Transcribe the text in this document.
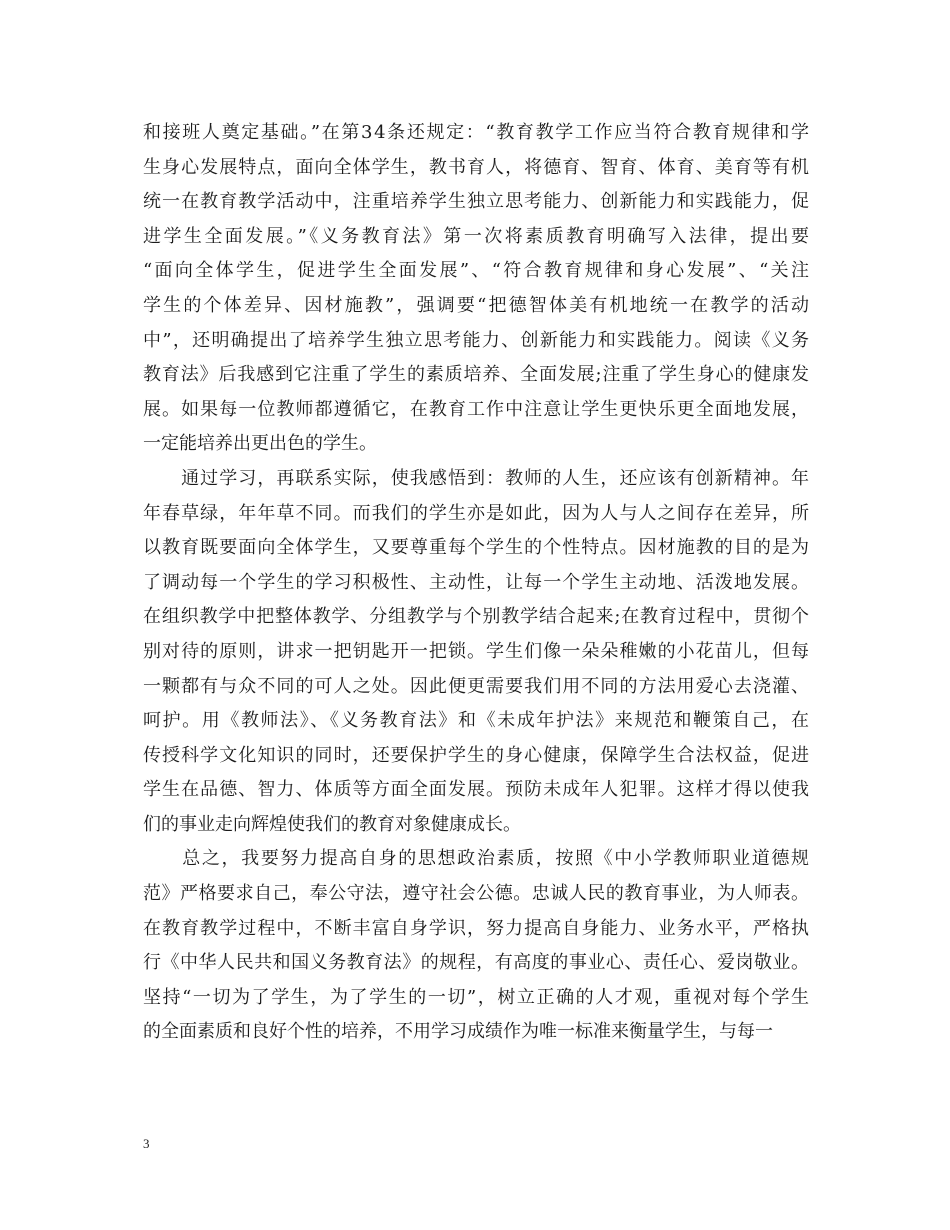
和接班人奠定基础。”在第34条还规定：“教育教学工作应当符合教育规律和学
生身心发展特点，面向全体学生，教书育人，将德育、智育、体育、美育等有机
统一在教育教学活动中，注重培养学生独立思考能力、创新能力和实践能力，促
进学生全面发展。”《义务教育法》第一次将素质教育明确写入法律，提出要
“面向全体学生，促进学生全面发展”、“符合教育规律和身心发展”、“关注
学生的个体差异、因材施教”，强调要“把德智体美有机地统一在教学的活动
中”，还明确提出了培养学生独立思考能力、创新能力和实践能力。阅读《义务
教育法》后我感到它注重了学生的素质培养、全面发展;注重了学生身心的健康发
展。如果每一位教师都遵循它，在教育工作中注意让学生更快乐更全面地发展，
一定能培养出更出色的学生。
　　通过学习，再联系实际，使我感悟到：教师的人生，还应该有创新精神。年
年春草绿，年年草不同。而我们的学生亦是如此，因为人与人之间存在差异，所
以教育既要面向全体学生，又要尊重每个学生的个性特点。因材施教的目的是为
了调动每一个学生的学习积极性、主动性，让每一个学生主动地、活泼地发展。
在组织教学中把整体教学、分组教学与个别教学结合起来;在教育过程中，贯彻个
别对待的原则，讲求一把钥匙开一把锁。学生们像一朵朵稚嫩的小花苗儿，但每
一颗都有与众不同的可人之处。因此便更需要我们用不同的方法用爱心去浇灌、
呵护。用《教师法》、《义务教育法》和《未成年护法》来规范和鞭策自己，在
传授科学文化知识的同时，还要保护学生的身心健康，保障学生合法权益，促进
学生在品德、智力、体质等方面全面发展。预防未成年人犯罪。这样才得以使我
们的事业走向辉煌使我们的教育对象健康成长。
　　总之，我要努力提高自身的思想政治素质，按照《中小学教师职业道德规
范》严格要求自己，奉公守法，遵守社会公德。忠诚人民的教育事业，为人师表。
在教育教学过程中，不断丰富自身学识，努力提高自身能力、业务水平，严格执
行《中华人民共和国义务教育法》的规程，有高度的事业心、责任心、爱岗敬业。
坚持“一切为了学生，为了学生的一切”，树立正确的人才观，重视对每个学生
的全面素质和良好个性的培养，不用学习成绩作为唯一标准来衡量学生，与每一
3
